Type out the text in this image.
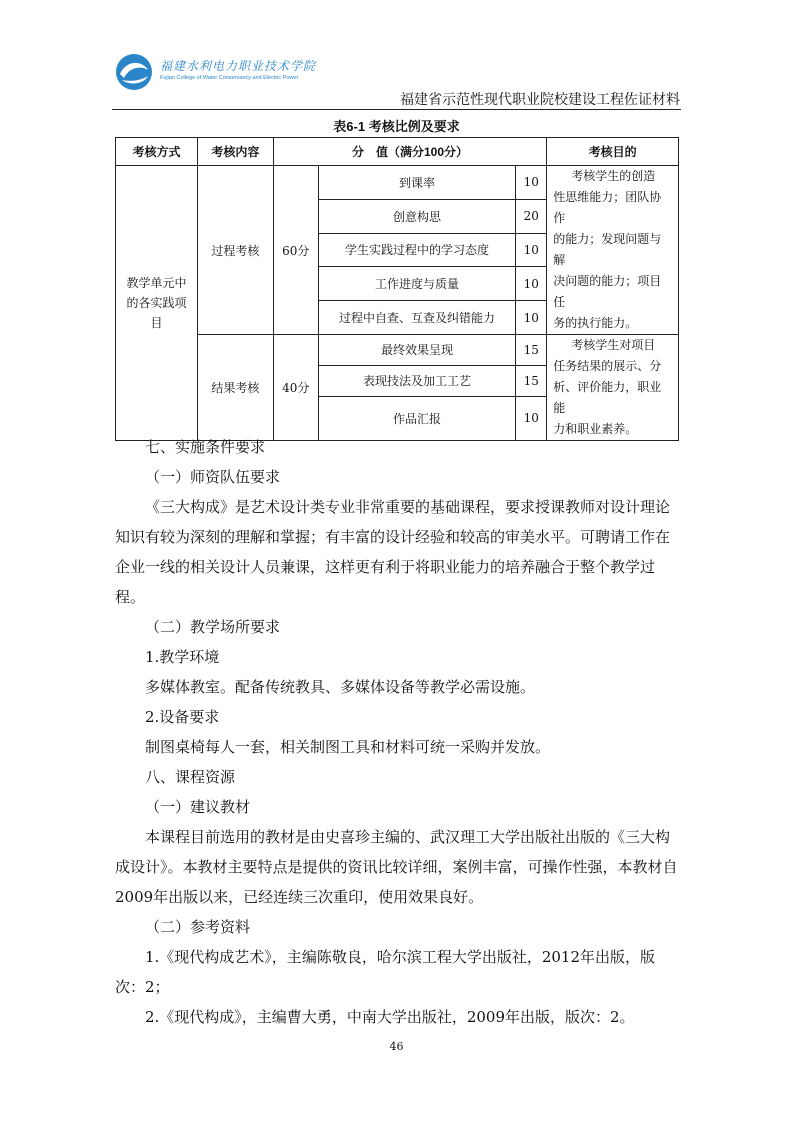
福建水利电力职业技术学院
Fujian College of Water Conservancy and Electric Power
福建省示范性现代职业院校建设工程佐证材料
表6-1 考核比例及要求
考核方式	考核内容	分　值（满分100分）			考核目的
教学单元中的各实践项目	过程考核	60分	到课率	10	考核学生的创造
性思维能力；团队协作
的能力；发现问题与解
决问题的能力；项目任
务的执行能力。

			创意构思	20	
			学生实践过程中的学习态度	10	
			工作进度与质量	10	
			过程中自查、互查及纠错能力	10	
	结果考核	40分	最终效果呈现	15	考核学生对项目
任务结果的展示、分
析、评价能力，职业能
力和职业素养。

			表现技法及加工工艺	15	
			作品汇报	10	

七、实施条件要求

（一）师资队伍要求

《三大构成》是艺术设计类专业非常重要的基础课程，要求授课教师对设计理论知识有较为深刻的理解和掌握；有丰富的设计经验和较高的审美水平。可聘请工作在企业一线的相关设计人员兼课，这样更有利于将职业能力的培养融合于整个教学过程。

（二）教学场所要求

1.教学环境

多媒体教室。配备传统教具、多媒体设备等教学必需设施。

2.设备要求

制图桌椅每人一套，相关制图工具和材料可统一采购并发放。

八、课程资源

（一）建议教材

本课程目前选用的教材是由史喜珍主编的、武汉理工大学出版社出版的《三大构成设计》。本教材主要特点是提供的资讯比较详细，案例丰富，可操作性强，本教材自2009年出版以来，已经连续三次重印，使用效果良好。

（二）参考资料

1.《现代构成艺术》，主编陈敬良，哈尔滨工程大学出版社，2012年出版，版次：2；

2.《现代构成》，主编曹大勇，中南大学出版社，2009年出版，版次：2。

46
